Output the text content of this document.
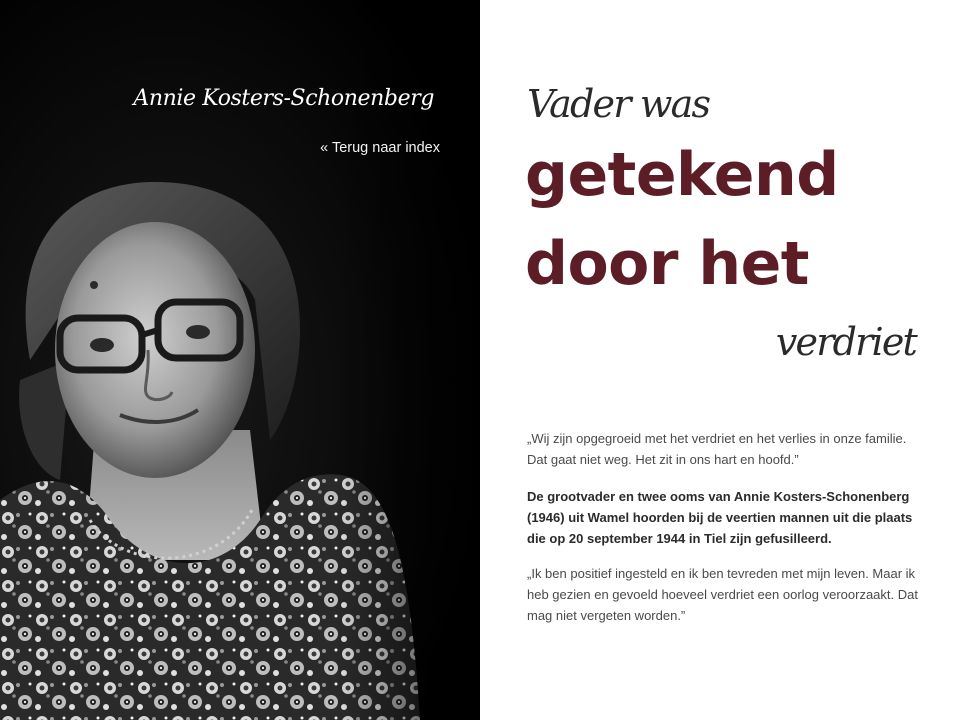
Annie Kosters-Schonenberg
« Terug naar index
Vader was
getekend
door het
verdriet

„Wij zijn opgegroeid met het verdriet en het verlies in onze familie. Dat gaat niet weg. Het zit in ons hart en hoofd.”

De grootvader en twee ooms van Annie Kosters-Schonenberg (1946) uit Wamel hoorden bij de veertien mannen uit die plaats die op 20 september 1944 in Tiel zijn gefusilleerd.

„Ik ben positief ingesteld en ik ben tevreden met mijn leven. Maar ik heb gezien en gevoeld hoeveel verdriet een oorlog veroorzaakt. Dat mag niet vergeten worden.”
